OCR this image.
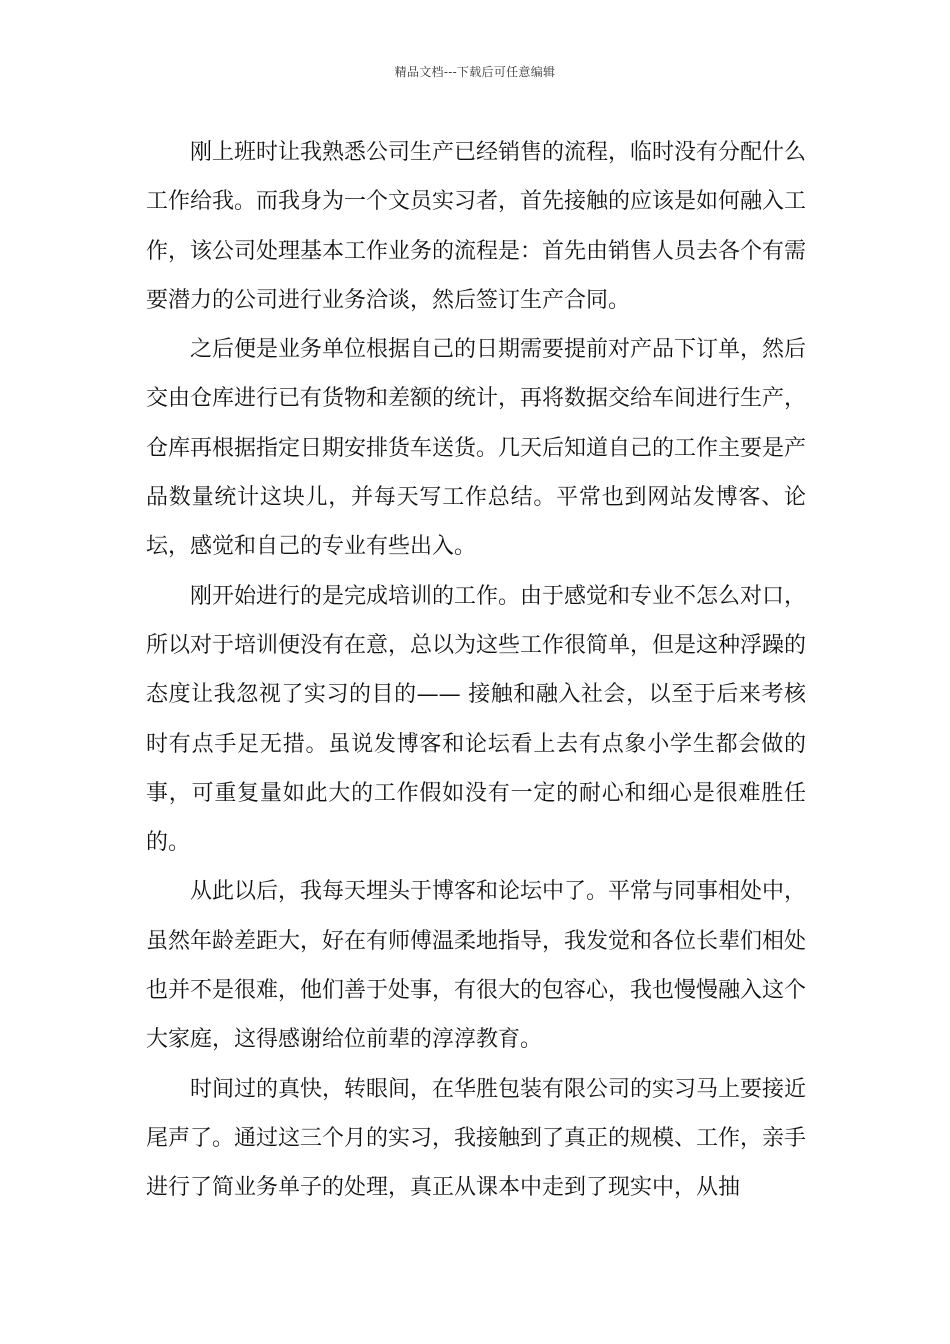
精品文档---下载后可任意编辑

刚上班时让我熟悉公司生产已经销售的流程，临时没有分配什么工作给我。而我身为一个文员实习者，首先接触的应该是如何融入工作，该公司处理基本工作业务的流程是：首先由销售人员去各个有需要潜力的公司进行业务洽谈，然后签订生产合同。

之后便是业务单位根据自己的日期需要提前对产品下订单，然后交由仓库进行已有货物和差额的统计，再将数据交给车间进行生产，仓库再根据指定日期安排货车送货。几天后知道自己的工作主要是产品数量统计这块儿，并每天写工作总结。平常也到网站发博客、论坛，感觉和自己的专业有些出入。

刚开始进行的是完成培训的工作。由于感觉和专业不怎么对口，所以对于培训便没有在意，总以为这些工作很简单，但是这种浮躁的态度让我忽视了实习的目的—— 接触和融入社会，以至于后来考核时有点手足无措。虽说发博客和论坛看上去有点象小学生都会做的事，可重复量如此大的工作假如没有一定的耐心和细心是很难胜任的。

从此以后，我每天埋头于博客和论坛中了。平常与同事相处中，虽然年龄差距大，好在有师傅温柔地指导，我发觉和各位长辈们相处也并不是很难，他们善于处事，有很大的包容心，我也慢慢融入这个大家庭，这得感谢给位前辈的淳淳教育。

时间过的真快，转眼间，在华胜包装有限公司的实习马上要接近尾声了。通过这三个月的实习，我接触到了真正的规模、工作，亲手进行了简业务单子的处理，真正从课本中走到了现实中，从抽
